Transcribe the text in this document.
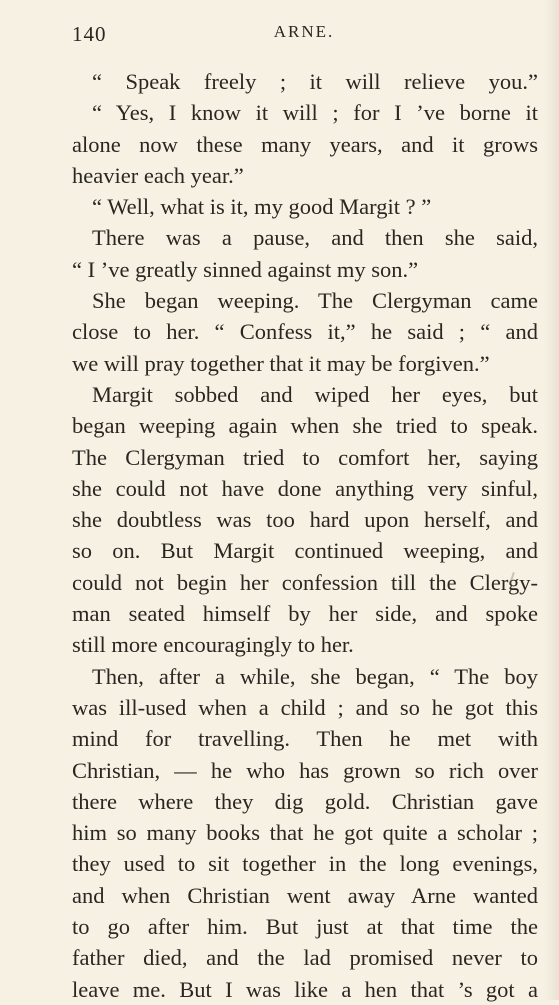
140	ARNE.
“ Speak freely ; it will relieve you.”
“ Yes, I know it will ; for I ’ve borne it
alone now these many years, and it grows
heavier each year.”
“ Well, what is it, my good Margit ? ”
There was a pause, and then she said,
“ I ’ve greatly sinned against my son.”
She began weeping. The Clergyman came
close to her. “ Confess it,” he said ; “ and
we will pray together that it may be forgiven.”
Margit sobbed and wiped her eyes, but
began weeping again when she tried to speak.
The Clergyman tried to comfort her, saying
she could not have done anything very sinful,
she doubtless was too hard upon herself, and
so on. But Margit continued weeping, and
could not begin her confession till the Clergy-
man seated himself by her side, and spoke
still more encouragingly to her.
Then, after a while, she began, “ The boy
was ill-used when a child ; and so he got this
mind for travelling. Then he met with
Christian, — he who has grown so rich over
there where they dig gold. Christian gave
him so many books that he got quite a scholar ;
they used to sit together in the long evenings,
and when Christian went away Arne wanted
to go after him. But just at that time the
father died, and the lad promised never to
leave me. But I was like a hen that ’s got a
